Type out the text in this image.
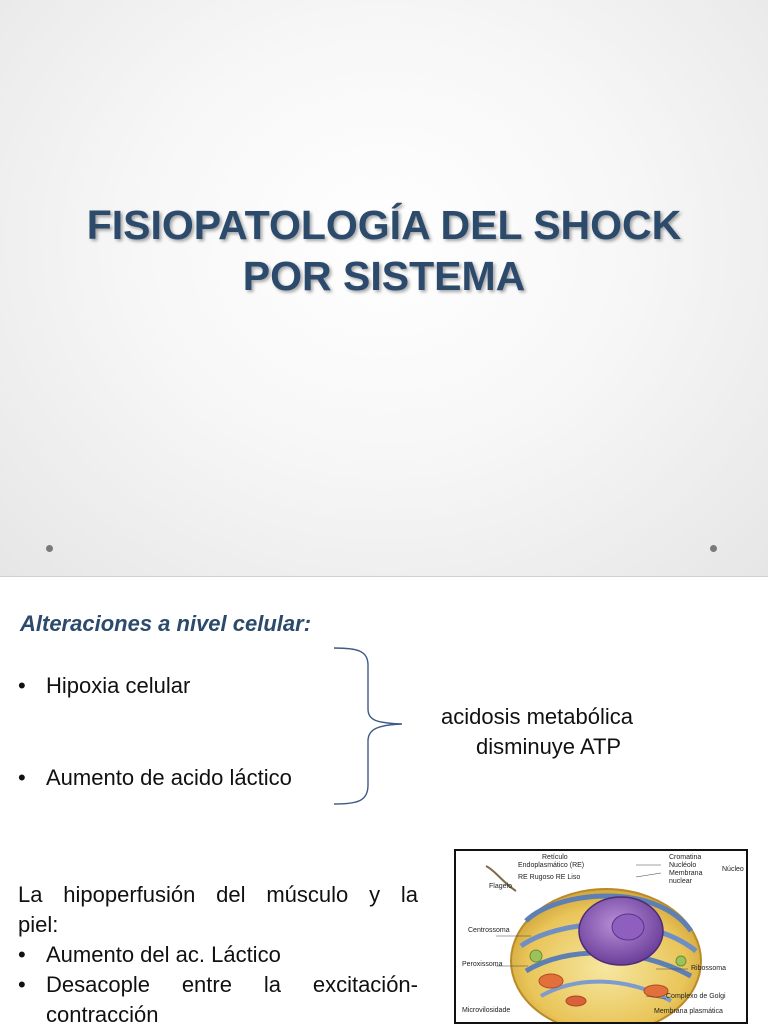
FISIOPATOLOGÍA DEL SHOCK
POR SISTEMA
Alteraciones a nivel celular:
• Hipoxia celular
• Aumento de acido láctico
acidosis metabólica
disminuye ATP
La hipoperfusión del músculo y la
piel:
• Aumento del ac. Láctico
• Desacople entre la excitación-contracción
Retículo
Endoplasmático (RE)
RE Rugoso RE Liso
Flagelo
Cromatina
Nucléolo
Membrana
nuclear
Núcleo
Centrossoma
Peroxissoma
Ribossoma
Complexo de Golgi
Microvilosidade	Membrana plasmática
